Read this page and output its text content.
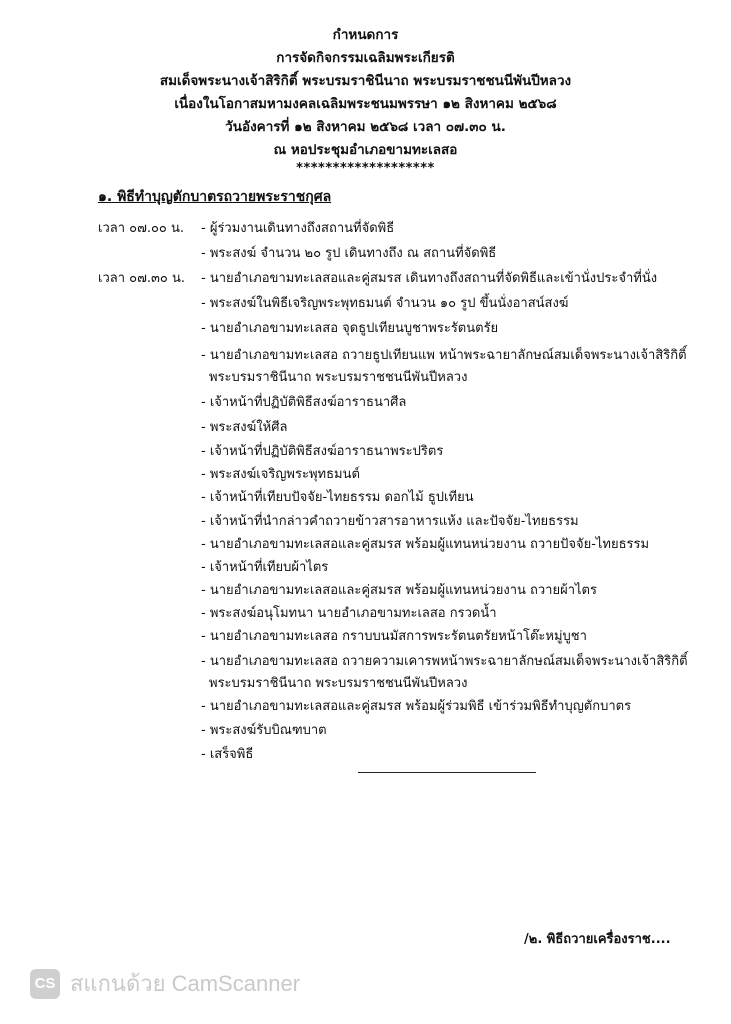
กำหนดการ
การจัดกิจกรรมเฉลิมพระเกียรติ
สมเด็จพระนางเจ้าสิริกิติ์ พระบรมราชินีนาถ พระบรมราชชนนีพันปีหลวง
เนื่องในโอกาสมหามงคลเฉลิมพระชนมพรรษา ๑๒ สิงหาคม ๒๕๖๘
วันอังคารที่ ๑๒ สิงหาคม ๒๕๖๘ เวลา ๐๗.๓๐ น.
ณ หอประชุมอำเภอขามทะเลสอ
*******************
๑. พิธีทำบุญตักบาตรถวายพระราชกุศล
เวลา ๐๗.๐๐ น. - ผู้ร่วมงานเดินทางถึงสถานที่จัดพิธี
- พระสงฆ์ จำนวน ๒๐ รูป เดินทางถึง ณ สถานที่จัดพิธี
เวลา ๐๗.๓๐ น. - นายอำเภอขามทะเลสอและคู่สมรส เดินทางถึงสถานที่จัดพิธีและเข้านั่งประจำที่นั่ง
- พระสงฆ์ในพิธีเจริญพระพุทธมนต์ จำนวน ๑๐ รูป ขึ้นนั่งอาสน์สงฆ์
- นายอำเภอขามทะเลสอ จุดธูปเทียนบูชาพระรัตนตรัย
- นายอำเภอขามทะเลสอ ถวายธูปเทียนแพ หน้าพระฉายาลักษณ์สมเด็จพระนางเจ้าสิริกิติ์
พระบรมราชินีนาถ พระบรมราชชนนีพันปีหลวง
- เจ้าหน้าที่ปฏิบัติพิธีสงฆ์อาราธนาศีล
- พระสงฆ์ให้ศีล
- เจ้าหน้าที่ปฏิบัติพิธีสงฆ์อาราธนาพระปริตร
- พระสงฆ์เจริญพระพุทธมนต์
- เจ้าหน้าที่เทียบปัจจัย-ไทยธรรม ดอกไม้ ธูปเทียน
- เจ้าหน้าที่นำกล่าวคำถวายข้าวสารอาหารแห้ง และปัจจัย-ไทยธรรม
- นายอำเภอขามทะเลสอและคู่สมรส พร้อมผู้แทนหน่วยงาน ถวายปัจจัย-ไทยธรรม
- เจ้าหน้าที่เทียบผ้าไตร
- นายอำเภอขามทะเลสอและคู่สมรส พร้อมผู้แทนหน่วยงาน ถวายผ้าไตร
- พระสงฆ์อนุโมทนา นายอำเภอขามทะเลสอ กรวดน้ำ
- นายอำเภอขามทะเลสอ กราบบนมัสการพระรัตนตรัยหน้าโต๊ะหมู่บูชา
- นายอำเภอขามทะเลสอ ถวายความเคารพหน้าพระฉายาลักษณ์สมเด็จพระนางเจ้าสิริกิติ์
พระบรมราชินีนาถ พระบรมราชชนนีพันปีหลวง
- นายอำเภอขามทะเลสอและคู่สมรส พร้อมผู้ร่วมพิธี เข้าร่วมพิธีทำบุญตักบาตร
- พระสงฆ์รับบิณฑบาต
- เสร็จพิธี
/๒. พิธีถวายเครื่องราช....
CS สแกนด้วย CamScanner
